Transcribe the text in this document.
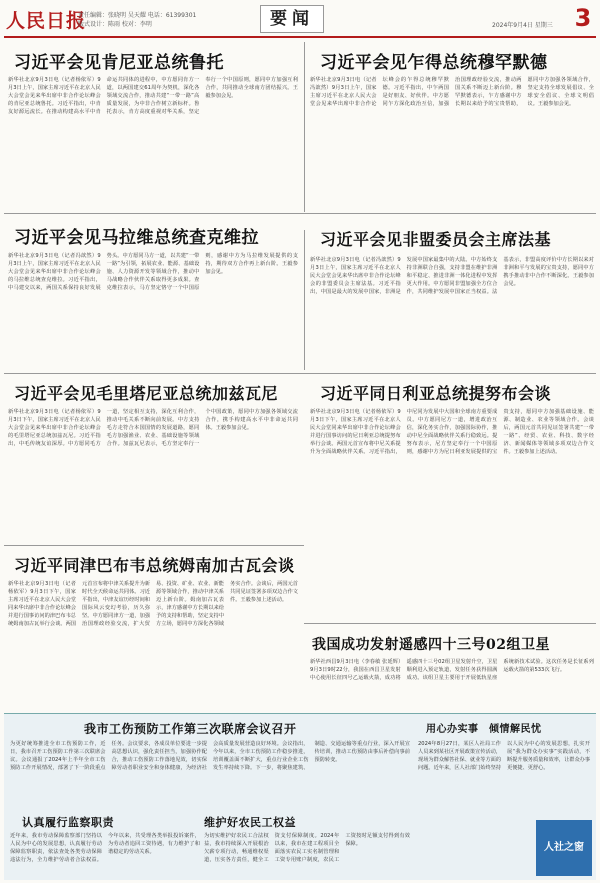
人民日报
责任编辑：张晓明 吴天耀 电话：61399301
版式设计：陈雨 校对：李明	要闻	2024年9月4日 星期三 3
习近平会见肯尼亚总统鲁托
新华社北京9月3日电（记者杨依军）9月3日上午，国家主席习近平在北京人民大会堂会见来华出席中非合作论坛峰会的肯尼亚总统鲁托。习近平指出，中肯友好源远流长。在推动构建高水平中肯命运共同体的进程中，中方愿同肯方一道，以两国建交61周年为契机，深化各领域交流合作，推动共建“一带一路”高质量发展，为中非合作树立新标杆。鲁托表示，肯方高度重视对华关系，坚定奉行一个中国原则，愿同中方加强互利合作，共同推动全球南方团结振兴。王毅参加会见。
习近平会见乍得总统穆罕默德
新华社北京9月3日电（记者冯歆然）9月3日上午，国家主席习近平在北京人民大会堂会见来华出席中非合作论坛峰会的乍得总统穆罕默德。习近平指出，中乍两国是好朋友、好伙伴。中方愿同乍方深化政治互信，加强治国理政经验交流，推动两国关系不断迈上新台阶。穆罕默德表示，乍方感谢中方长期以来给予的宝贵帮助，愿同中方加强各领域合作，坚定支持全球发展倡议、全球安全倡议、全球文明倡议。王毅参加会见。
习近平会见马拉维总统查克维拉
新华社北京9月3日电（记者冯歆然）9月3日上午，国家主席习近平在北京人民大会堂会见来华出席中非合作论坛峰会的马拉维总统查克维拉。习近平指出，中马建交以来，两国关系保持良好发展势头。中方愿同马方一道，以共建“一带一路”为引领，拓展农业、能源、基础设施、人力资源开发等领域合作，推动中马战略合作伙伴关系取得更多成果。查克维拉表示，马方坚定恪守一个中国原则，感谢中方为马拉维发展提供的支持，期待双方合作再上新台阶。王毅参加会见。
习近平会见非盟委员会主席法基
新华社北京9月3日电（记者冯歆然）9月3日上午，国家主席习近平在北京人民大会堂会见来华出席中非合作论坛峰会的非盟委员会主席法基。习近平指出，中国是最大的发展中国家，非洲是发展中国家最集中的大陆。中方始终支持非洲联合自强，支持非盟在维护非洲和平稳定、推进非洲一体化进程中发挥更大作用。中方愿同非盟加强全方位合作，共同维护发展中国家正当权益。法基表示，非盟高度评价中方长期以来对非洲和平与发展的宝贵支持，愿同中方携手推动非中合作不断深化。王毅参加会见。
习近平会见毛里塔尼亚总统加兹瓦尼
新华社北京9月3日电（记者杨依军）9月3日下午，国家主席习近平在北京人民大会堂会见来华出席中非合作论坛峰会的毛里塔尼亚总统加兹瓦尼。习近平指出，中毛传统友谊深厚。中方愿同毛方一道，坚定相互支持，深化互利合作，推动中毛关系不断向前发展。中方支持毛方走符合本国国情的发展道路，愿同毛方加强渔业、农业、基础设施等领域合作。加兹瓦尼表示，毛方坚定奉行一个中国政策，愿同中方加强各领域交流合作，携手构建高水平中非命运共同体。王毅参加会见。
习近平同日利亚总统提努布会谈
新华社北京9月3日电（记者杨依军）9月3日下午，国家主席习近平在北京人民大会堂同来华出席中非合作论坛峰会并进行国事访问的尼日利亚总统提努布举行会谈。两国元首宣布将中尼关系提升为全面战略伙伴关系。习近平指出，中尼同为发展中大国和全球南方重要成员。中方愿同尼方一道，增进政治互信，深化务实合作，加强国际协作，推动中尼全面战略伙伴关系行稳致远。提努布表示，尼方坚定奉行一个中国原则，感谢中方为尼日利亚发展提供的宝贵支持，愿同中方加强基础设施、能源、制造业、农业等领域合作。会谈后，两国元首共同见证签署共建“一带一路”、经贸、农业、科技、数字经济、新闻媒体等领域多项双边合作文件。王毅参加上述活动。
习近平同津巴布韦总统姆南加古瓦会谈
新华社北京9月3日电（记者杨依军）9月3日下午，国家主席习近平在北京人民大会堂同来华出席中非合作论坛峰会并进行国事访问的津巴布韦总统姆南加古瓦举行会谈。两国元首宣布将中津关系提升为新时代全天候命运共同体。习近平指出，中津友谊历经时间和国际风云变幻考验，历久弥坚。中方愿同津方一道，加强治国理政经验交流，扩大贸易、投资、矿业、农业、新能源等领域合作，推动中津关系迈上新台阶。姆南加古瓦表示，津方感谢中方长期以来给予的支持和帮助，坚定支持中方立场，愿同中方深化各领域务实合作。会谈后，两国元首共同见证签署多项双边合作文件。王毅参加上述活动。
我国成功发射遥感四十三号02组卫星
新华社西昌9月3日电（李春敏 张延辉）9月3日9时22分，我国在西昌卫星发射中心使用长征四号乙运载火箭，成功将遥感四十三号02组卫星发射升空，卫星顺利进入预定轨道，发射任务获得圆满成功。该组卫星主要用于开展低轨星座系统新技术试验。这次任务是长征系列运载火箭的第533次飞行。
我市工伤预防工作第三次联席会议召开
为更好统筹推进全市工伤预防工作，近日，我市召开工伤预防工作第三次联席会议。会议通报了2024年上半年全市工伤预防工作开展情况，部署了下一阶段重点任务。会议要求，各成员单位要进一步提高思想认识，强化责任担当，加强协作配合，推动工伤预防工作落地见效，切实保障劳动者职业安全和身体健康，为经济社会高质量发展营造良好环境。会议指出，今年以来，全市工伤预防工作稳步推进，培训覆盖面不断扩大，重点行业企业工伤发生率持续下降。下一步，将聚焦建筑、制造、交通运输等重点行业，深入开展宣传培训，推动工伤预防由事后补偿向事前预防转变。
认真履行监察职责
近年来，我市劳动保障监察部门坚持以人民为中心的发展思想，认真履行劳动保障监察职责，依法查处各类劳动保障违法行为，全力维护劳动者合法权益。今年以来，共受理各类举报投诉案件，为劳动者追回工资待遇，有力维护了和谐稳定的劳动关系。
维护好农民工权益
为切实维护好农民工合法权益，我市持续深入开展根治欠薪专项行动，畅通维权渠道，压实各方责任，健全工资支付保障制度。2024年以来，我市在建工程项目全面落实农民工实名制管理和工资专用账户制度，农民工工资按时足额支付得到有效保障。
用心办实事　倾情解民忧
2024年8月27日，某区人社局工作人员来到某社区开展政策宣传活动，现场为群众解答社保、就业等方面的问题。近年来，区人社部门始终坚持以人民为中心的发展思想，扎实开展“我为群众办实事”实践活动，不断提升服务质量和效率，让群众办事更便捷、更舒心。
人社之窗
